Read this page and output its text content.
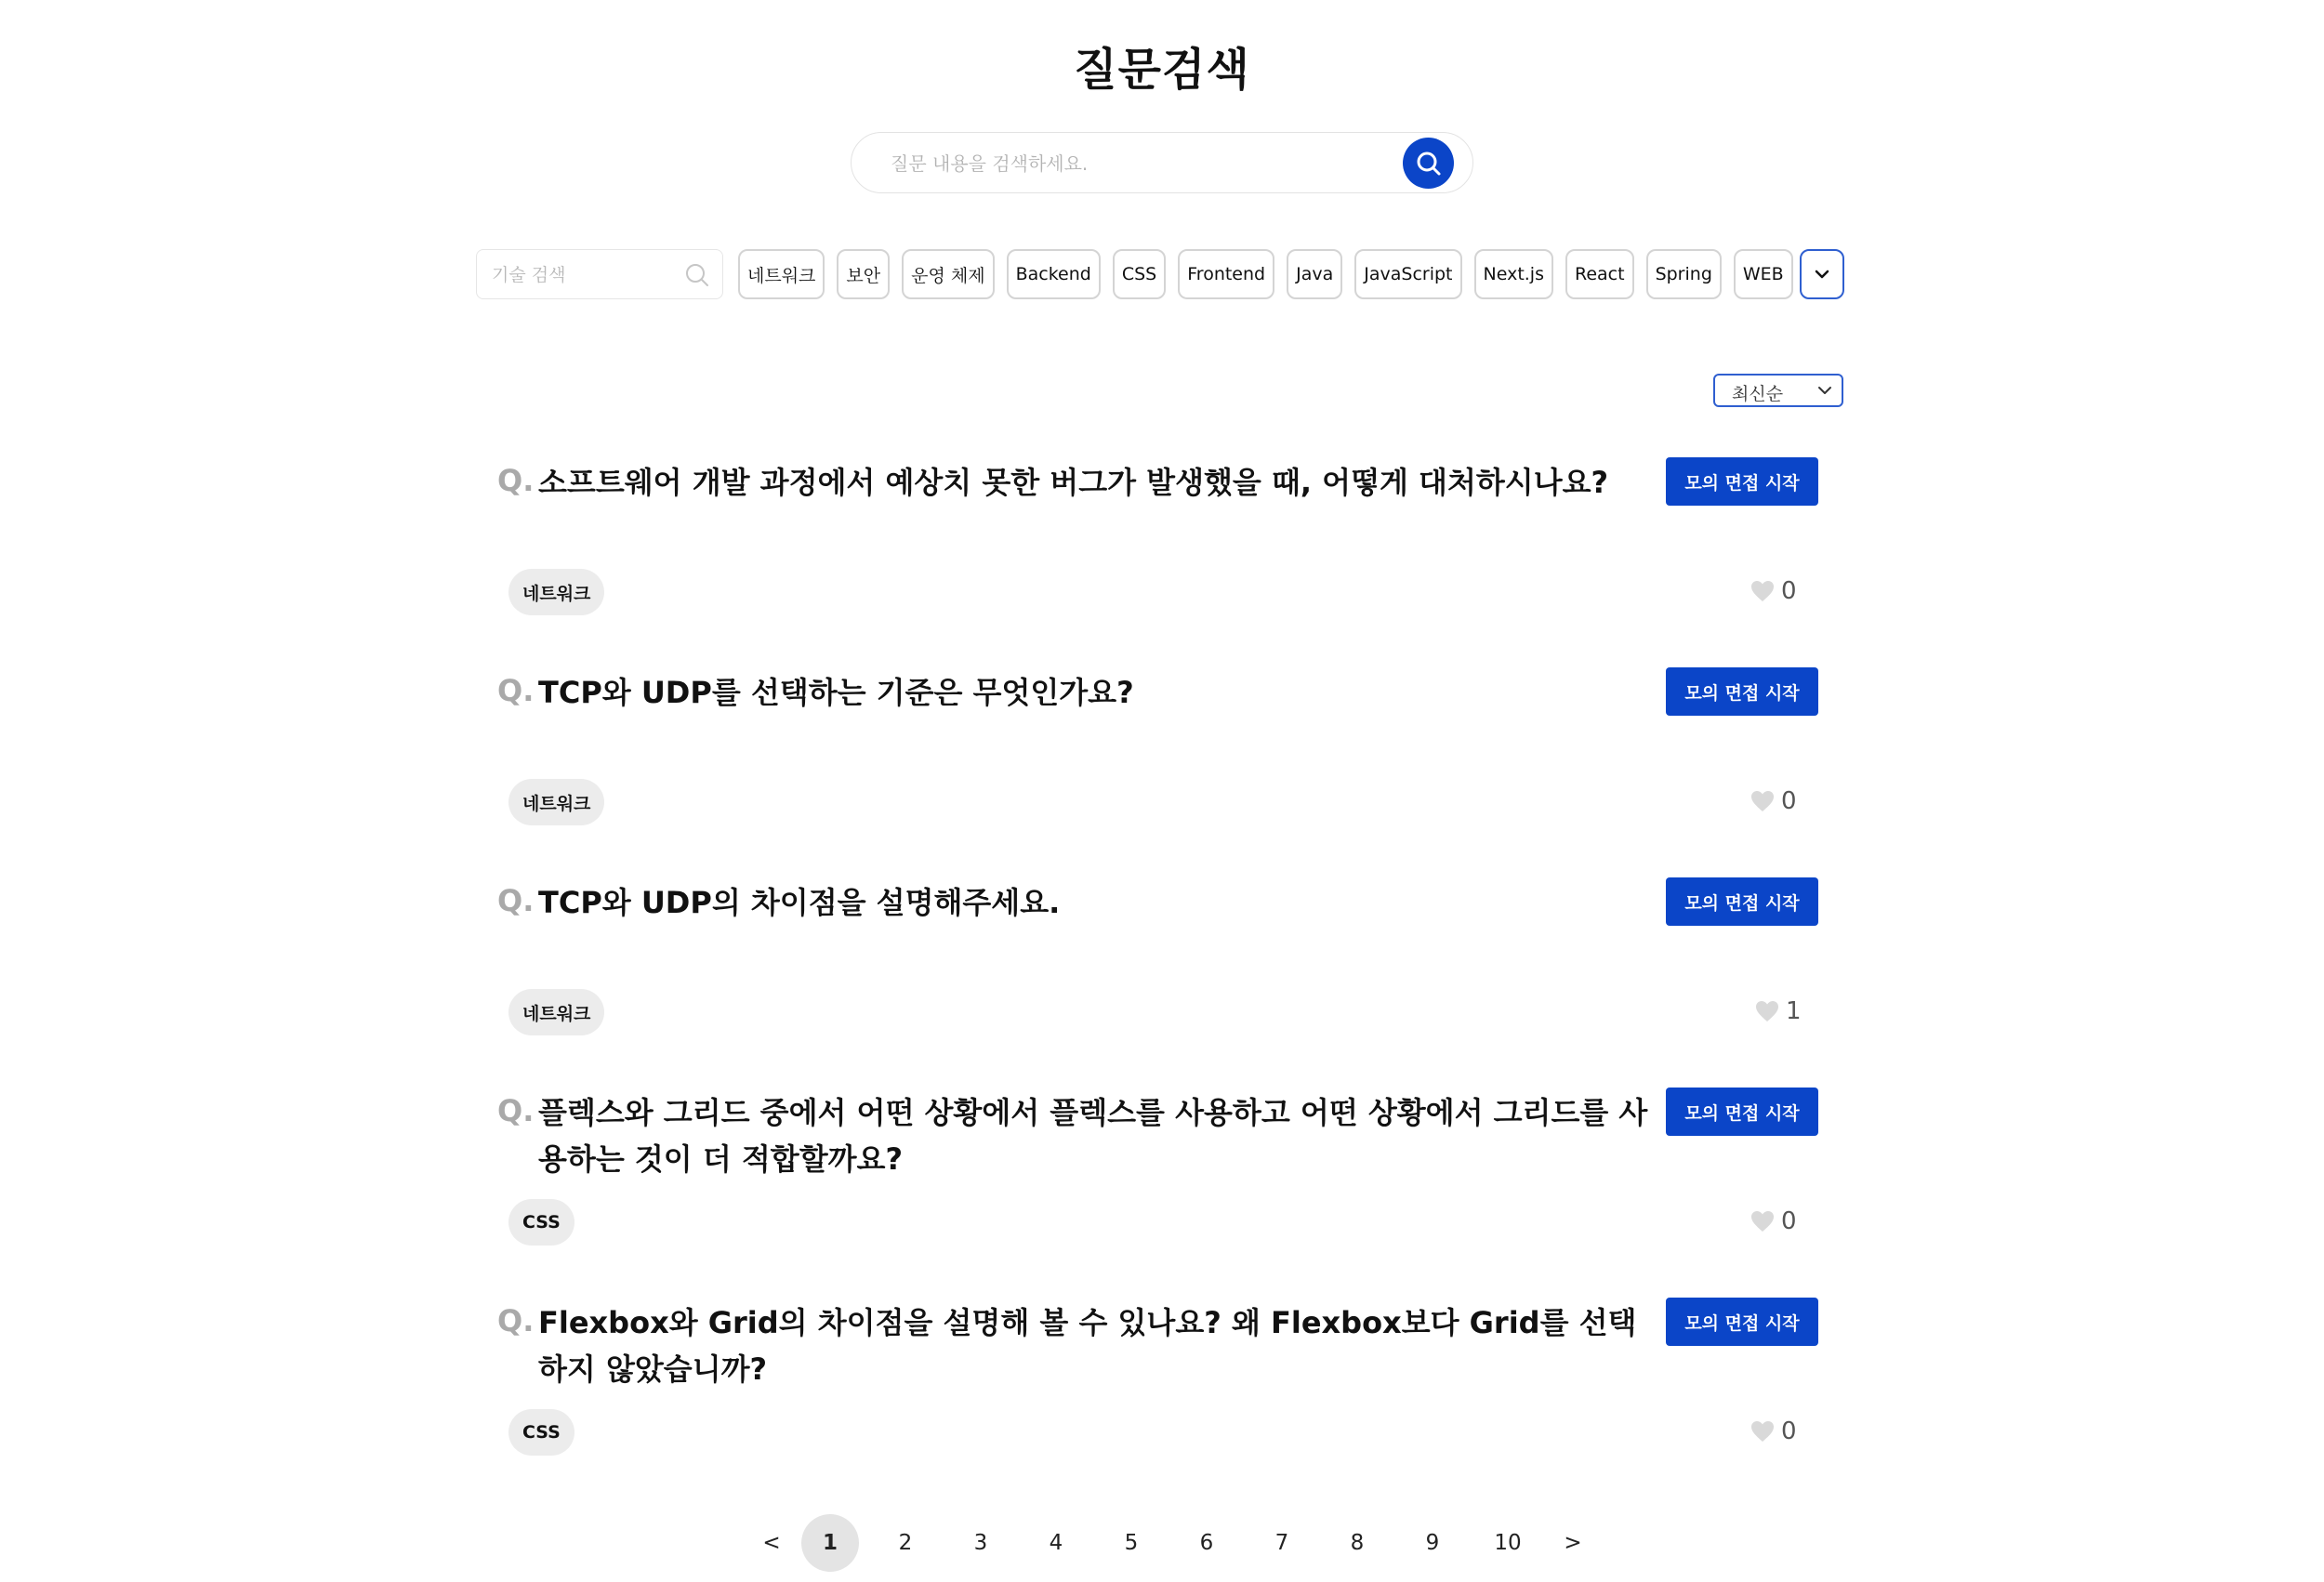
질문검색
질문 내용을 검색하세요.
기술 검색
네트워크	보안	운영 체제	Backend	CSS	Frontend	Java	JavaScript	Next.js	React	Spring	WEB
최신순
Q. 소프트웨어 개발 과정에서 예상치 못한 버그가 발생했을 때, 어떻게 대처하시나요?	모의 면접 시작
네트워크	0
Q. TCP와 UDP를 선택하는 기준은 무엇인가요?	모의 면접 시작
네트워크	0
Q. TCP와 UDP의 차이점을 설명해주세요.	모의 면접 시작
네트워크	1
Q. 플렉스와 그리드 중에서 어떤 상황에서 플렉스를 사용하고 어떤 상황에서 그리드를 사용하는 것이 더 적합할까요?

모의 면접 시작
CSS	0
Q. Flexbox와 Grid의 차이점을 설명해 볼 수 있나요? 왜 Flexbox보다 Grid를 선택하지 않았습니까?

모의 면접 시작
CSS	0
<	1	2	3	4	5	6	7	8	9	10	>
